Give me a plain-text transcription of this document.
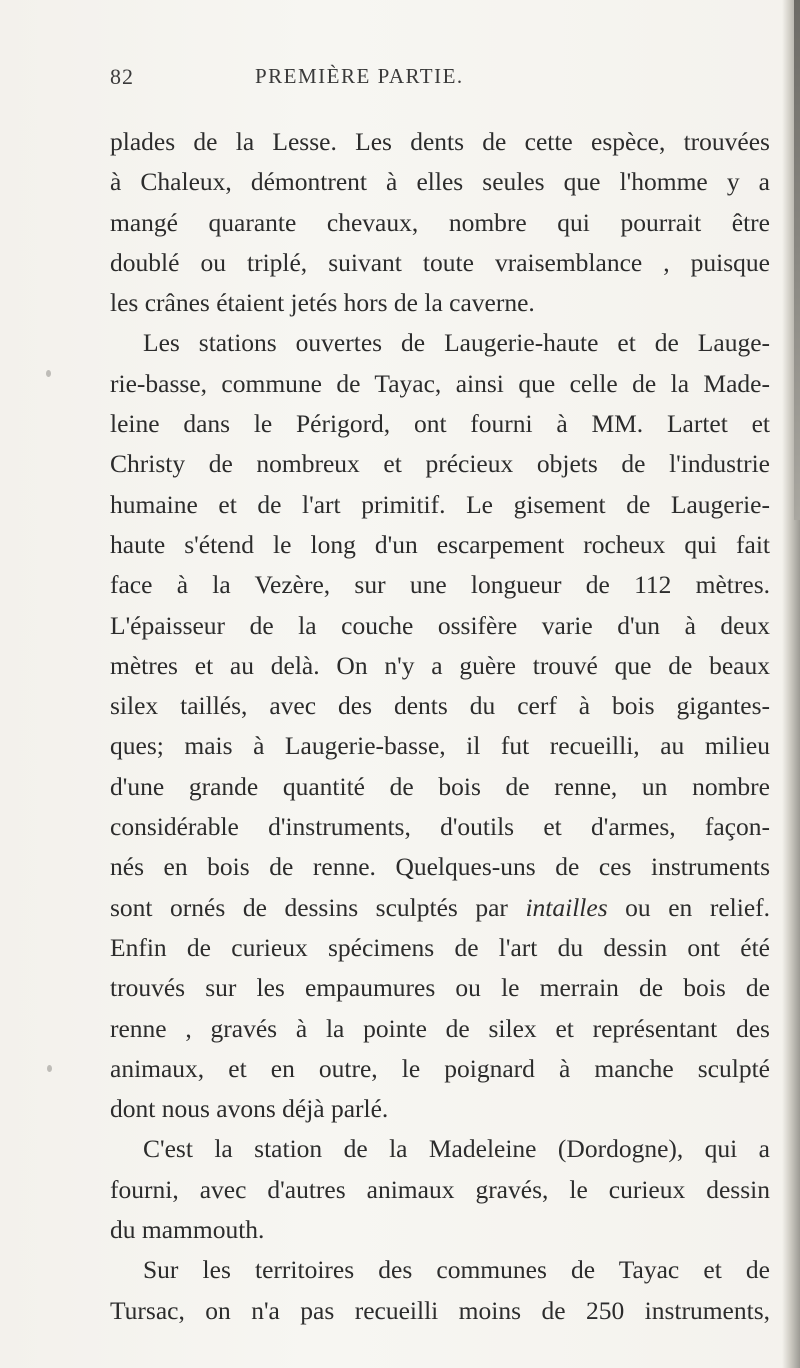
82	PREMIÈRE PARTIE.
plades de la Lesse. Les dents de cette espèce, trouvées
à Chaleux, démontrent à elles seules que l'homme y a
mangé quarante chevaux, nombre qui pourrait être
doublé ou triplé, suivant toute vraisemblance , puisque
les crânes étaient jetés hors de la caverne.
Les stations ouvertes de Laugerie-haute et de Lauge-
rie-basse, commune de Tayac, ainsi que celle de la Made-
leine dans le Périgord, ont fourni à MM. Lartet et
Christy de nombreux et précieux objets de l'industrie
humaine et de l'art primitif. Le gisement de Laugerie-
haute s'étend le long d'un escarpement rocheux qui fait
face à la Vezère, sur une longueur de 112 mètres.
L'épaisseur de la couche ossifère varie d'un à deux
mètres et au delà. On n'y a guère trouvé que de beaux
silex taillés, avec des dents du cerf à bois gigantes-
ques; mais à Laugerie-basse, il fut recueilli, au milieu
d'une grande quantité de bois de renne, un nombre
considérable d'instruments, d'outils et d'armes, façon-
nés en bois de renne. Quelques-uns de ces instruments
sont ornés de dessins sculptés par intailles ou en relief.
Enfin de curieux spécimens de l'art du dessin ont été
trouvés sur les empaumures ou le merrain de bois de
renne , gravés à la pointe de silex et représentant des
animaux, et en outre, le poignard à manche sculpté
dont nous avons déjà parlé.
C'est la station de la Madeleine (Dordogne), qui a
fourni, avec d'autres animaux gravés, le curieux dessin
du mammouth.
Sur les territoires des communes de Tayac et de
Tursac, on n'a pas recueilli moins de 250 instruments,
